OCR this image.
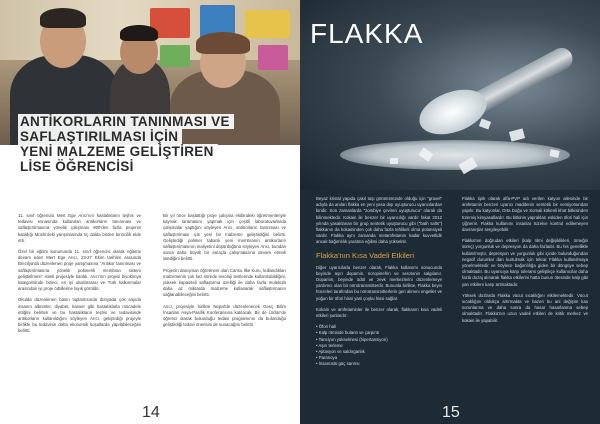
ANTİKORLARIN TANINMASI VE
SAFLAŞTIRILMASI İÇİN
YENİ MALZEME GELİŞTİREN
LİSE ÖĞRENCİSİ

11. sınıf öğrencisi Mert Ege Arıcı'nın hastalıkların teşhis ve tedavisi esnasında kullanılan antikorların tanınması ve saflaştırılmasına yönelik çalışması 800'den fazla projenin katıldığı Moshi'deki yarışmasında üç dalda birden birincilik elde etti.

Özel bir eğitim kurumunda 11. sınıf öğrencisi olarak eğitime devam eden Mert Ege Arıcı, 23-27 Ekim tarihleri arasında Brezilya'da düzenlenen proje yarışmasına "Antikor tanınması ve saflaştırılmasına yönelik polimerik membran sistem geliştirilmesi" isimli projesiyle katıldı. Arıcı'nın projesi biyokimya kategorisinde birinci, en iyi uluslararası ve Türk kalkınmalar arasından iyi proje ödüllerine layık görüldü.

Okulda düzenlenen basın toplantısında dünyada çok sayıda insanın albümler, diyabet, kanser gibi hastalıklarla mücadele ettiğini belirten ve bu hastalıkların teşhis ve tedavisinde antikorların kullanıldığını söyleyen Arıcı, geliştirdiği projeyle birlikte bu tedavinin daha ekonomik koşullarda yapılabileceğini belirtti.

Bir yıl önce başlattığı proje çalışma ekibindeki öğretmenleriyle kaynak taramasını yapmak için çeşitli laboratuvarlarda çalışmalar yaptığını söyleyen Arıcı, antikorların tanınması ve saflaştırılması için yeni bir malzeme geliştirdiğini belirtti. Geliştirdiği polimer tabanlı yeni membranın antikorların saflaştırılmasının maliyetini düşürdüğünü söyleyen Arıcı, bundan sonra daha büyük bir amaçla çalışmalarına devam etmek istediğini belirtti.

Projenin danışman öğretmeni olan Cansu İlke Kuru, kullandıkları malzemenin çok kez sürede seroloji testlerinde kullanılabildiğini, yüksek kapasiteli saflaştırma özelliği ile daha fazla molekülü daha az miktarda malzeme kullanarak saflaştırmanın sağlanabileceğini belirtti.

Arıcı, projesiyle birlikte Nepal'de düzenlenecek Genç Bilim İnsanları Asya-Pasifik Konferansına katılacak. Bir de Ürdün'de öğrenci olarak bulunduğu tedavi programının da bulunduğu geliştirdiği tedavi önerisini de sunacağını belirtti.

14
FLAKKA

Beyaz kristal yapıda çakıl taşı görünümünde olduğu için "gravel" adıyla da anılan flakka en yeni yasa dışı uyuşturucu uyarıcılardan biridir. Son zamanlarda "zombiye çeviren uyuşturucu" olarak da bilinmektedir. Kokain ile benzer bir uyarıcılığı vardır fakat 2012 yılında yasaklanan bir grup sentetik uyuşturucu gibi ("bath salts") flakkanın da kokaininden çok daha fazla tehlikeli olma potansiyeli vardır. Flakka aynı zamanda metamfetamin kadar kuvvetlidir ancak bağımlılık yaratma eğilimi daha yüksektir.

Flakka'nın Kısa Vadeli Etkileri

Diğer uyarıcılarla benzer olarak, Flakka kullanımı sonucunda beyinde aşırı dopamin, noropinefrin ve serotonin salgılanır. Dopamin, beyinde ödül ve zevk merkezlerini düzenlemeye yardımcı olan bir nörotransmitterdir. Bununla birlikte, Flakka beyin hücreleri tarafından bu nörotransmitterlerin geri alımını engeller ve yoğun bir öfori hissi yani çoşku hissi sağlar.

Kokain ve amfetaminler ile benzer olarak, flakkanın kısa vadeli etkileri şunlardır:

• Öfori hali
• Kalp ritminde bulantı ve çarpıntı
• Tansiyon yükselmesi (hipertansiyon)
• Aşırı terleme
• Ajitasyon ve saldırganlık
• Paranoya
• İnsanüstü güç sanrısı

Flakka tipik olarak alfa-PVP adı verilen katyon ailesinde bir amfetamin benzeri uyarıcı maddenin sentetik bir versiyonundan yapılır. Bu katyonlar, Orta Doğu ve Somali kökenli khat bitkisinden türemiş kimyasallardır. Bu bitkinin yaprakları eskiden öfori hali için çiğnenir. Flakka kullanımı insanlar tüzelve kontrol edilemeyen davranışlar sergileyebilir.

Flakka'nın doğrudan etkileri (kalp ritmi değişiklikleri, örneğin süreç) yorgunluk ve depresyon da daha fazladır. Bu his genellikle kullanılmıştır, depresyon ve yorgunluk gibi içinde bulunduğundan negatif durumlar dan kurtulmak için tekrar Flakka kullanılmaya yönelmektedir ve böylece bağımlılığa giden bir döngüye sebep olmaktadır. Bu uyarıcıya karşı tolerans geliştikçe kullanıcılar daha fazla dozaj alınarak flakka etkilerini hatta bunun ötesinde kalp gibi yan etkilere karşı artmaktadır.

Yüksek dozlarda Flakka vücut sıcaklığını etkilemektedir. Vücut sıcaklığını oldukça artırmakta ve bazen bu ani değişim kas sorunlarına ve daha sonra da hasar hasarlanma sebep olmaktadır. Flakka'nın uzun vadeli etkileri de kritik merkez ve kokain ile yapabilir.

15
